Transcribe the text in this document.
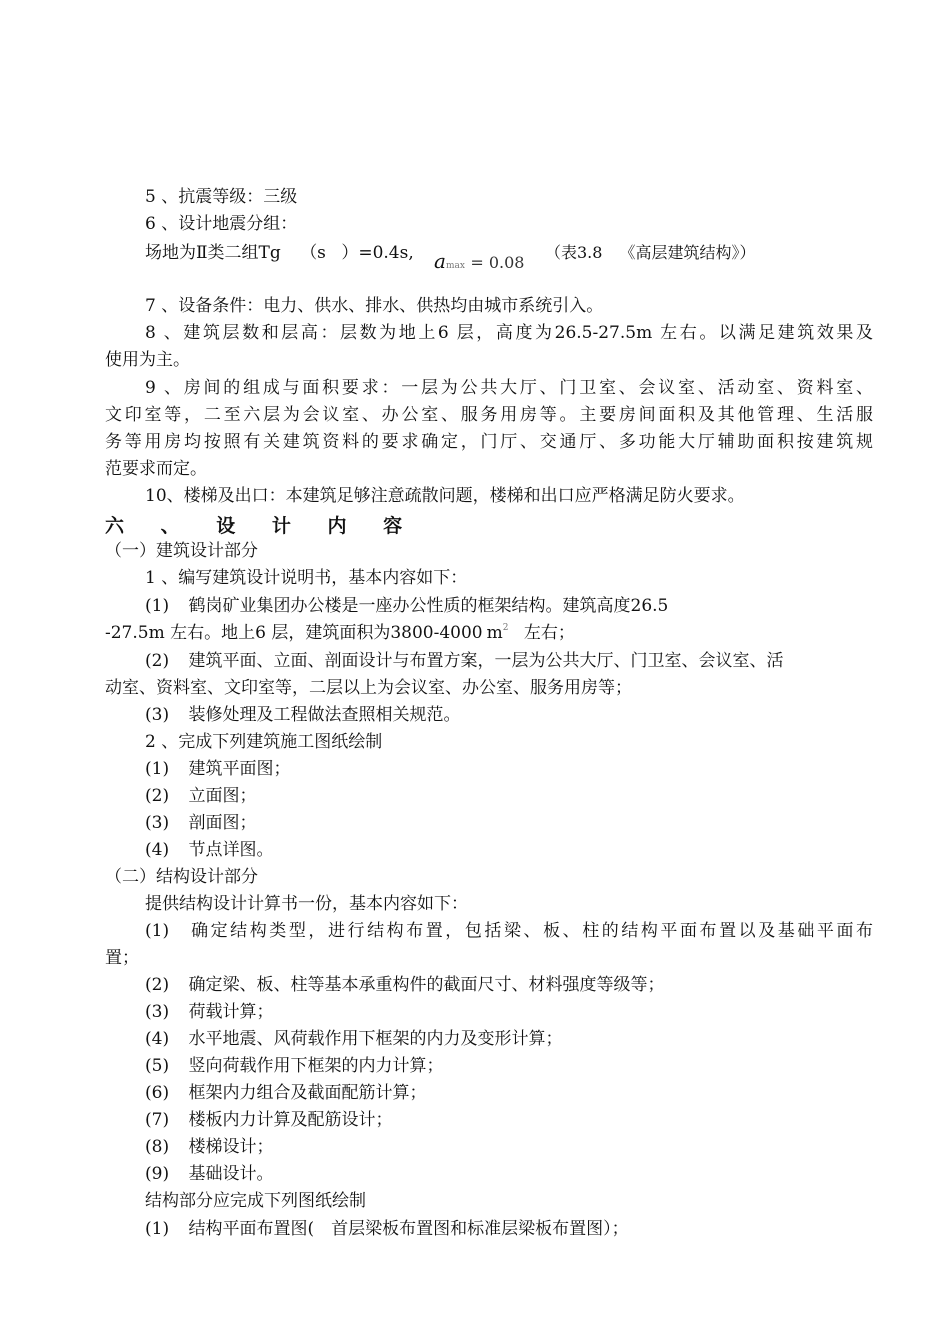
5 、抗震等级：三级
6 、设计地震分组：
场地为Ⅱ类二组Tg （s ）=0.4s, amax = 0.08
（表3.8 《高层建筑结构》）
7 、设备条件：电力、供水、排水、供热均由城市系统引入。
8 、建筑层数和层高：层数为地上6 层，高度为26.5-27.5m 左右。以满足建筑效果及
使用为主。
9 、房间的组成与面积要求：一层为公共大厅、门卫室、会议室、活动室、资料室、
文印室等，二至六层为会议室、办公室、服务用房等。主要房间面积及其他管理、生活服
务等用房均按照有关建筑资料的要求确定，门厅、交通厅、多功能大厅辅助面积按建筑规
范要求而定。
10、楼梯及出口：本建筑足够注意疏散问题，楼梯和出口应严格满足防火要求。
六 、 设 计 内 容
（一）建筑设计部分
1 、编写建筑设计说明书，基本内容如下：
(1) 鹤岗矿业集团办公楼是一座办公性质的框架结构。建筑高度26.5
-27.5m 左右。地上6 层，建筑面积为3800-4000 $m^2$ 左右；
(2) 建筑平面、立面、剖面设计与布置方案，一层为公共大厅、门卫室、会议室、活
动室、资料室、文印室等，二层以上为会议室、办公室、服务用房等；
(3) 装修处理及工程做法查照相关规范。
2 、完成下列建筑施工图纸绘制
(1) 建筑平面图；
(2) 立面图；
(3) 剖面图；
(4) 节点详图。
（二）结构设计部分
提供结构设计计算书一份，基本内容如下：
(1) 确定结构类型，进行结构布置，包括梁、板、柱的结构平面布置以及基础平面布
置；
(2) 确定梁、板、柱等基本承重构件的截面尺寸、材料强度等级等；
(3) 荷载计算；
(4) 水平地震、风荷载作用下框架的内力及变形计算；
(5) 竖向荷载作用下框架的内力计算；
(6) 框架内力组合及截面配筋计算；
(7) 楼板内力计算及配筋设计；
(8) 楼梯设计；
(9) 基础设计。
结构部分应完成下列图纸绘制
(1) 结构平面布置图(　首层梁板布置图和标准层梁板布置图）；
